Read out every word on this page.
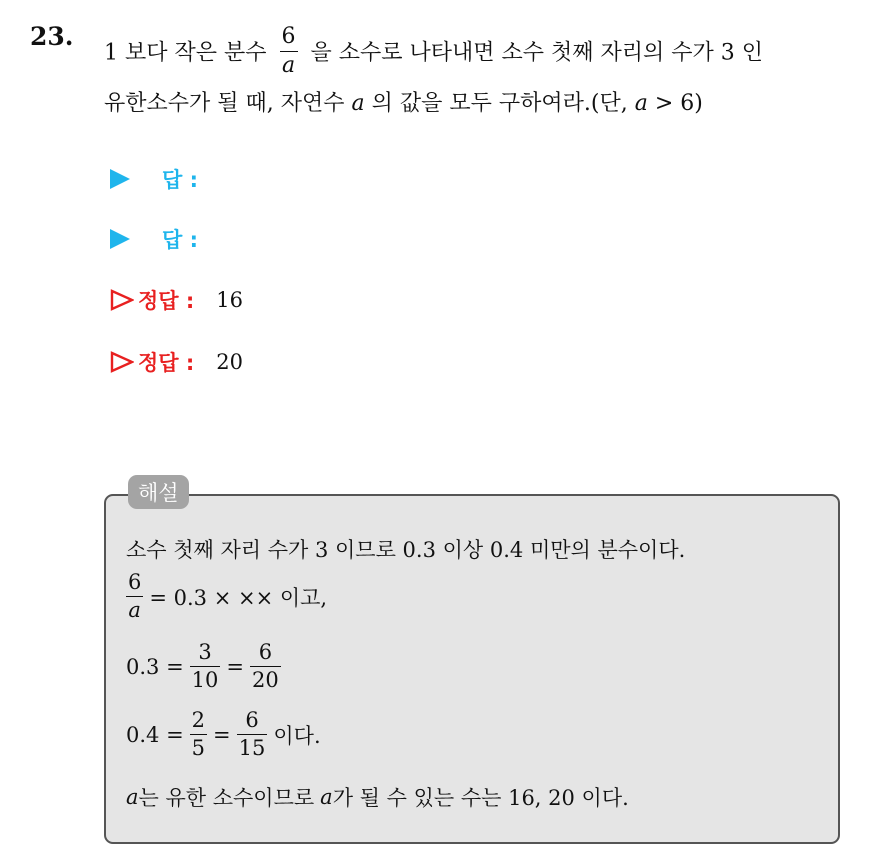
23.
1 보다 작은 분수 $\frac{6}{a}$ 을 소수로 나타내면 소수 첫째 자리의 수가 3 인
유한소수가 될 때, 자연수 a 의 값을 모두 구하여라.(단, a > 6)
답 :
답 :
정답 : 16
정답 : 20
해설
소수 첫째 자리 수가 3 이므로 0.3 이상 0.4 미만의 분수이다.
$\frac{6}{a} = 0.3$ × ×× 이고,
$0.3 = \frac{3}{10} = \frac{6}{20}$
$0.4 = \frac{2}{5} = \frac{6}{15}$ 이다.
a 는 유한 소수이므로 a 가 될 수 있는 수는 16, 20 이다.
